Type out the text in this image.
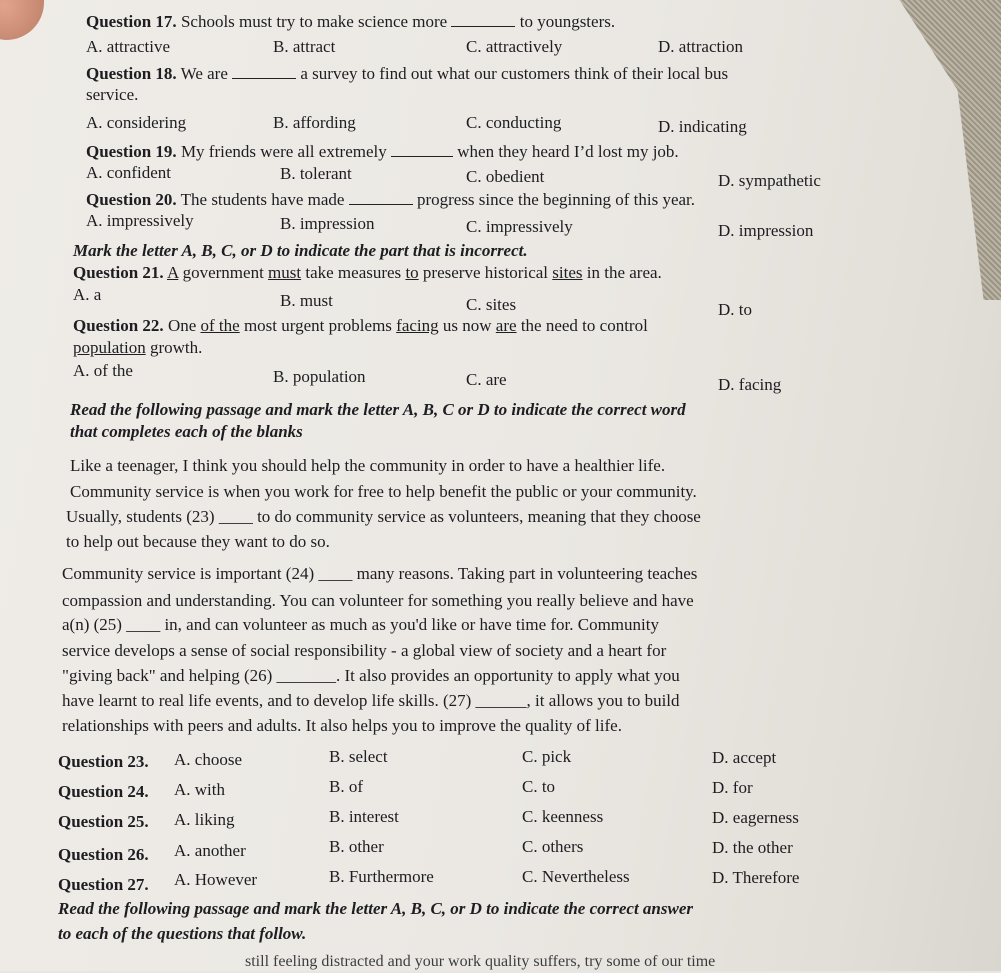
Question 17. Schools must try to make science more	to youngsters.
A. attractive	B. attract	C. attractively	D. attraction
Question 18. We are	a survey to find out what our customers think of their local bus
service.
A. considering	B. affording	C. conducting	D. indicating
Question 19. My friends were all extremely	when they heard I’d lost my job.
A. confident	B. tolerant	C. obedient	D. sympathetic
Question 20. The students have made	progress since the beginning of this year.
A. impressively	B. impression	C. impressively	D. impression
Mark the letter A, B, C, or D to indicate the part that is incorrect.
Question 21. A government must take measures to preserve historical sites in the area.
A. a	B. must	C. sites	D. to
Question 22. One of the most urgent problems facing us now are the need to control
population growth.
A. of the	B. population	C. are	D. facing
Read the following passage and mark the letter A, B, C or D to indicate the correct word
that completes each of the blanks
Like a teenager, I think you should help the community in order to have a healthier life.
Community service is when you work for free to help benefit the public or your community.
Usually, students (23) ____ to do community service as volunteers, meaning that they choose
to help out because they want to do so.
Community service is important (24) ____ many reasons. Taking part in volunteering teaches
compassion and understanding. You can volunteer for something you really believe and have
a(n) (25) ____ in, and can volunteer as much as you'd like or have time for. Community
service develops a sense of social responsibility - a global view of society and a heart for
"giving back" and helping (26) _______. It also provides an opportunity to apply what you
have learnt to real life events, and to develop life skills. (27) ______, it allows you to build
relationships with peers and adults. It also helps you to improve the quality of life.
Question 23. A. choose	B. select	C. pick	D. accept
Question 24. A. with	B. of	C. to	D. for
Question 25. A. liking	B. interest	C. keenness	D. eagerness
Question 26. A. another	B. other	C. others	D. the other
Question 27. A. However	B. Furthermore	C. Nevertheless	D. Therefore
Read the following passage and mark the letter A, B, C, or D to indicate the correct answer
to each of the questions that follow.
still feeling distracted and your work quality suffers, try some of our time
